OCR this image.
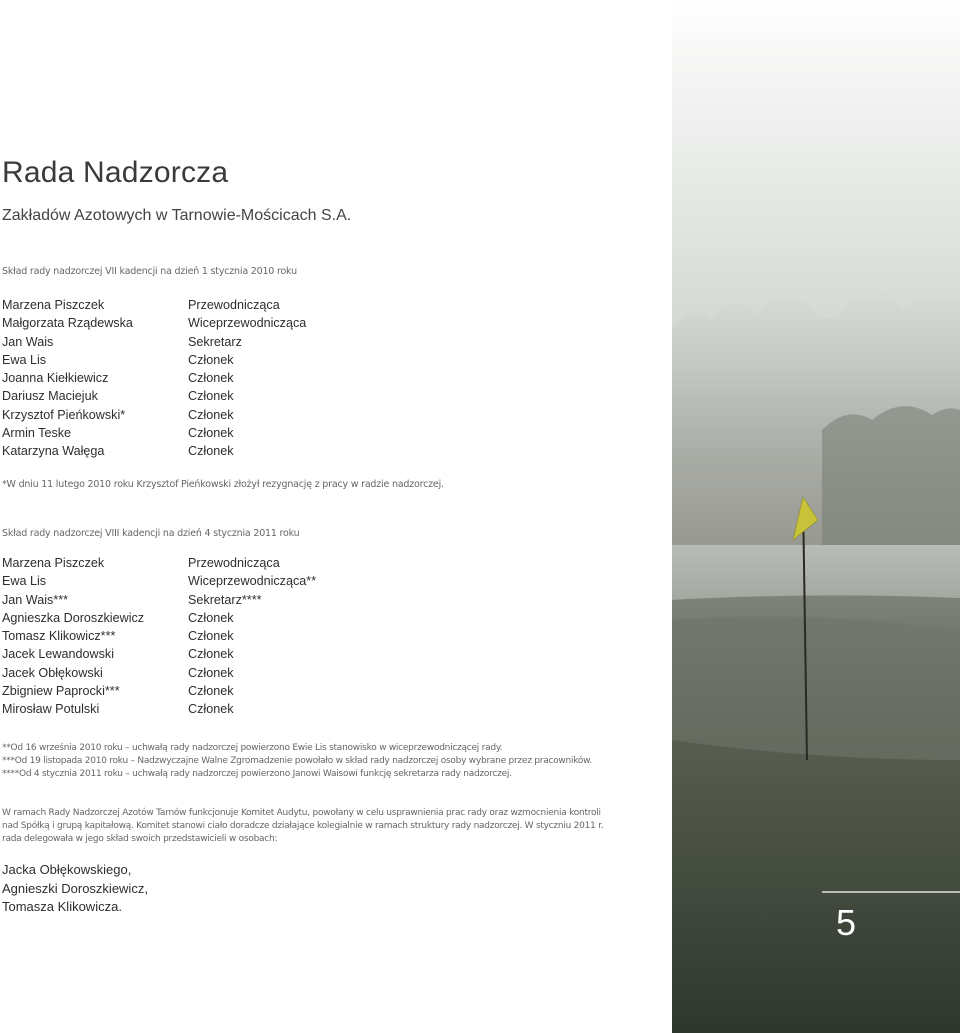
Rada Nadzorcza
Zakładów Azotowych w Tarnowie-Mościcach S.A.

Skład rady nadzorczej VII kadencji na dzień 1 stycznia 2010 roku

Marzena Piszczek	Przewodnicząca
Małgorzata Rządewska	Wiceprzewodnicząca
Jan Wais	Sekretarz
Ewa Lis	Członek
Joanna Kiełkiewicz	Członek
Dariusz Maciejuk	Członek
Krzysztof Pieńkowski*	Członek
Armin Teske	Członek
Katarzyna Wałęga	Członek

*W dniu 11 lutego 2010 roku Krzysztof Pieńkowski złożył rezygnację z pracy w radzie nadzorczej.

Skład rady nadzorczej VIII kadencji na dzień 4 stycznia 2011 roku

Marzena Piszczek	Przewodnicząca
Ewa Lis	Wiceprzewodnicząca**
Jan Wais***	Sekretarz****
Agnieszka Doroszkiewicz	Członek
Tomasz Klikowicz***	Członek
Jacek Lewandowski	Członek
Jacek Obłękowski	Członek
Zbigniew Paprocki***	Członek
Mirosław Potulski	Członek

**Od 16 września 2010 roku – uchwałą rady nadzorczej powierzono Ewie Lis stanowisko w wiceprzewodniczącej rady.

***Od 19 listopada 2010 roku – Nadzwyczajne Walne Zgromadzenie powołało w skład rady nadzorczej osoby wybrane przez pracowników.

****Od 4 stycznia 2011 roku – uchwałą rady nadzorczej powierzono Janowi Waisowi funkcję sekretarza rady nadzorczej.

W ramach Rady Nadzorczej Azotów Tarnów funkcjonuje Komitet Audytu, powołany w celu usprawnienia prac rady oraz wzmocnienia kontroli

nad Spółką i grupą kapitałową. Komitet stanowi ciało doradcze działające kolegialnie w ramach struktury rady nadzorczej. W styczniu 2011 r.

rada delegowała w jego skład swoich przedstawicieli w osobach:

Jacka Obłękowskiego,
Agnieszki Doroszkiewicz,
Tomasza Klikowicza.	5
